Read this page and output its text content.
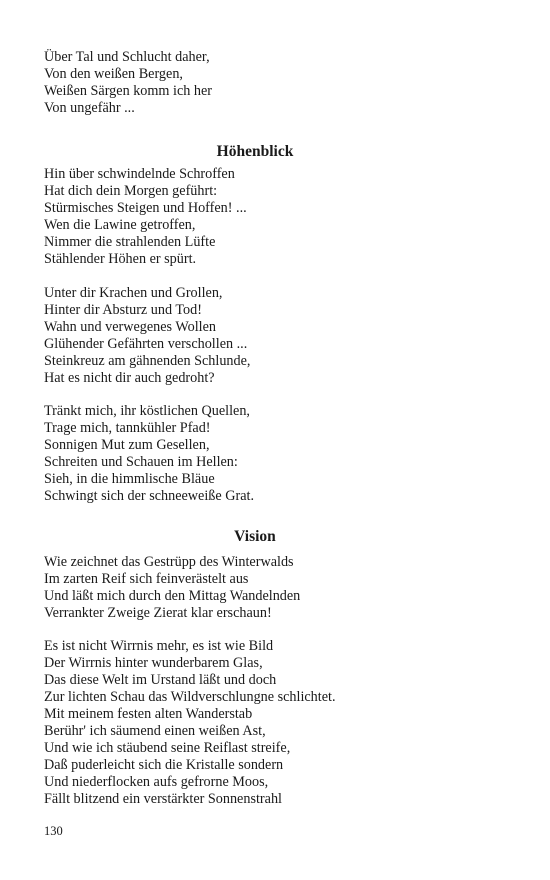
Über Tal und Schlucht daher,
Von den weißen Bergen,
Weißen Särgen komm ich her
Von ungefähr ...
Höhenblick
Hin über schwindelnde Schroffen
Hat dich dein Morgen geführt:
Stürmisches Steigen und Hoffen! ...
Wen die Lawine getroffen,
Nimmer die strahlenden Lüfte
Stählender Höhen er spürt.
Unter dir Krachen und Grollen,
Hinter dir Absturz und Tod!
Wahn und verwegenes Wollen
Glühender Gefährten verschollen ...
Steinkreuz am gähnenden Schlunde,
Hat es nicht dir auch gedroht?
Tränkt mich, ihr köstlichen Quellen,
Trage mich, tannkühler Pfad!
Sonnigen Mut zum Gesellen,
Schreiten und Schauen im Hellen:
Sieh, in die himmlische Bläue
Schwingt sich der schneeweiße Grat.
Vision
Wie zeichnet das Gestrüpp des Winterwalds
Im zarten Reif sich feinverästelt aus
Und läßt mich durch den Mittag Wandelnden
Verrankter Zweige Zierat klar erschaun!
Es ist nicht Wirrnis mehr, es ist wie Bild
Der Wirrnis hinter wunderbarem Glas,
Das diese Welt im Urstand läßt und doch
Zur lichten Schau das Wildverschlungne schlichtet.
Mit meinem festen alten Wanderstab
Berühr' ich säumend einen weißen Ast,
Und wie ich stäubend seine Reiflast streife,
Daß puderleicht sich die Kristalle sondern
Und niederflocken aufs gefrorne Moos,
Fällt blitzend ein verstärkter Sonnenstrahl
130
